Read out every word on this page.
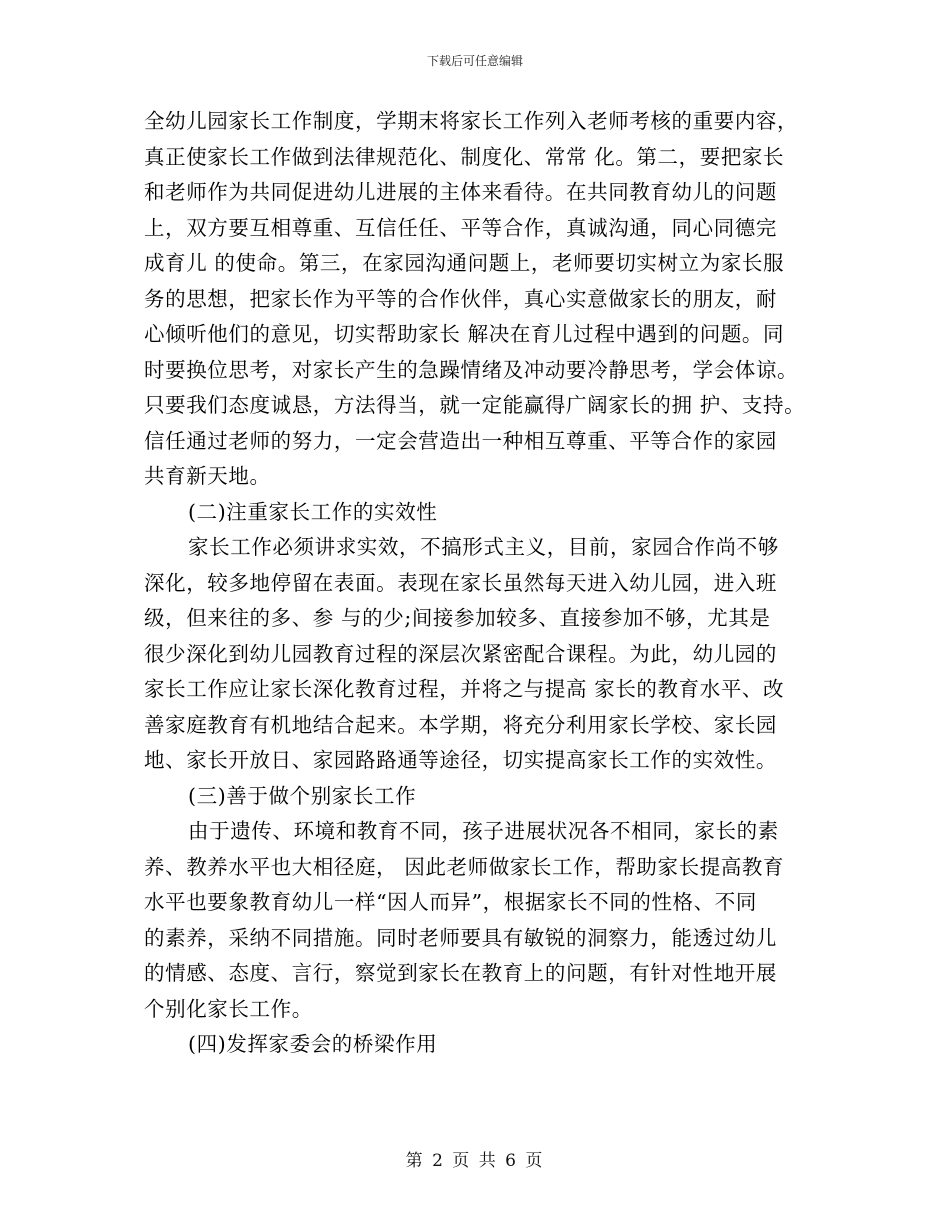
下载后可任意编辑
全幼儿园家长工作制度，学期末将家长工作列入老师考核的重要内容，
真正使家长工作做到法律规范化、制度化、常常 化。第二，要把家长
和老师作为共同促进幼儿进展的主体来看待。在共同教育幼儿的问题
上，双方要互相尊重、互信任任、平等合作，真诚沟通，同心同德完
成育儿 的使命。第三，在家园沟通问题上，老师要切实树立为家长服
务的思想，把家长作为平等的合作伙伴，真心实意做家长的朋友，耐
心倾听他们的意见，切实帮助家长 解决在育儿过程中遇到的问题。同
时要换位思考，对家长产生的急躁情绪及冲动要冷静思考，学会体谅。
只要我们态度诚恳，方法得当，就一定能赢得广阔家长的拥 护、支持。
信任通过老师的努力，一定会营造出一种相互尊重、平等合作的家园
共育新天地。
(二)注重家长工作的实效性
家长工作必须讲求实效，不搞形式主义，目前，家园合作尚不够
深化，较多地停留在表面。表现在家长虽然每天进入幼儿园，进入班
级，但来往的多、参 与的少;间接参加较多、直接参加不够，尤其是
很少深化到幼儿园教育过程的深层次紧密配合课程。为此，幼儿园的
家长工作应让家长深化教育过程，并将之与提高 家长的教育水平、改
善家庭教育有机地结合起来。本学期，将充分利用家长学校、家长园
地、家长开放日、家园路路通等途径，切实提高家长工作的实效性。
(三)善于做个别家长工作
由于遗传、环境和教育不同，孩子进展状况各不相同，家长的素
养、教养水平也大相径庭， 因此老师做家长工作，帮助家长提高教育
水平也要象教育幼儿一样“因人而异”，根据家长不同的性格、不同
的素养，采纳不同措施。同时老师要具有敏锐的洞察力，能透过幼儿
的情感、态度、言行，察觉到家长在教育上的问题，有针对性地开展
个别化家长工作。
(四)发挥家委会的桥梁作用
第 2 页 共 6 页
